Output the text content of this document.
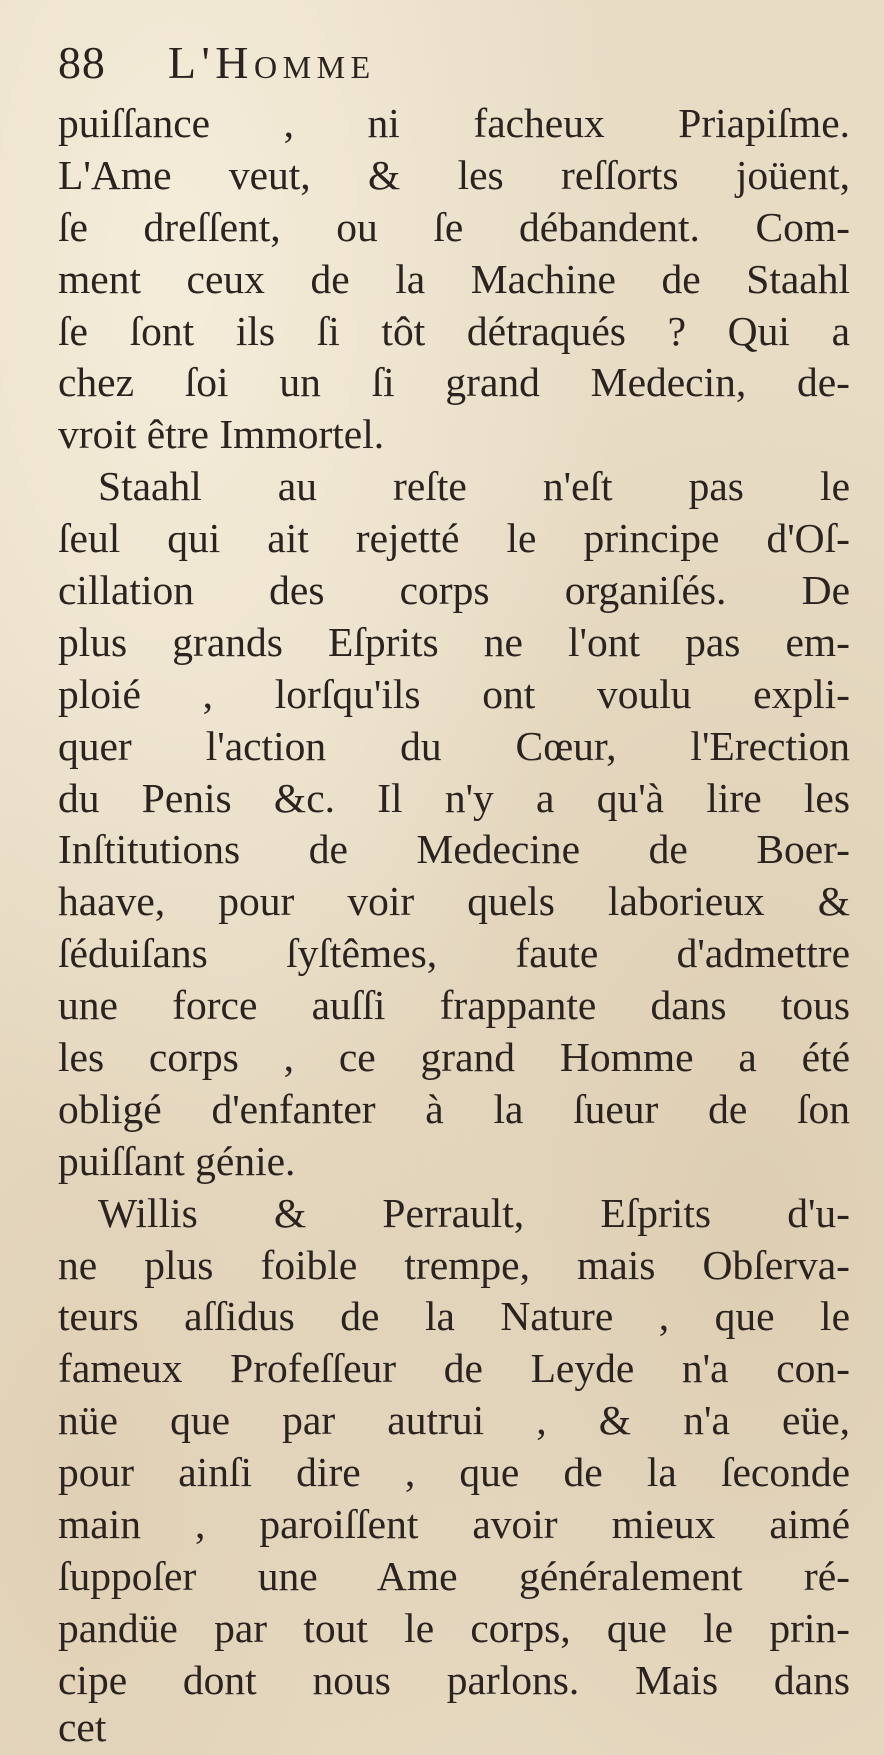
88 L'Homme
puiſſance , ni facheux Priapiſme.
L'Ame veut, & les reſſorts joüent,
ſe dreſſent, ou ſe débandent. Com-
ment ceux de la Machine de Staahl
ſe ſont ils ſi tôt détraqués ? Qui a
chez ſoi un ſi grand Medecin, de-
vroit être Immortel.
Staahl au reſte n'eſt pas le
ſeul qui ait rejetté le principe d'Oſ-
cillation des corps organiſés. De
plus grands Eſprits ne l'ont pas em-
ploié , lorſqu'ils ont voulu expli-
quer l'action du Cœur, l'Erection
du Penis &c. Il n'y a qu'à lire les
Inſtitutions de Medecine de Boer-
haave, pour voir quels laborieux &
ſéduiſans ſyſtêmes, faute d'admettre
une force auſſi frappante dans tous
les corps , ce grand Homme a été
obligé d'enfanter à la ſueur de ſon
puiſſant génie.
Willis & Perrault, Eſprits d'u-
ne plus foible trempe, mais Obſerva-
teurs aſſidus de la Nature , que le
fameux Profeſſeur de Leyde n'a con-
nüe que par autrui , & n'a eüe,
pour ainſi dire , que de la ſeconde
main , paroiſſent avoir mieux aimé
ſuppoſer une Ame généralement ré-
pandüe par tout le corps, que le prin-
cipe dont nous parlons. Mais dans
cet
